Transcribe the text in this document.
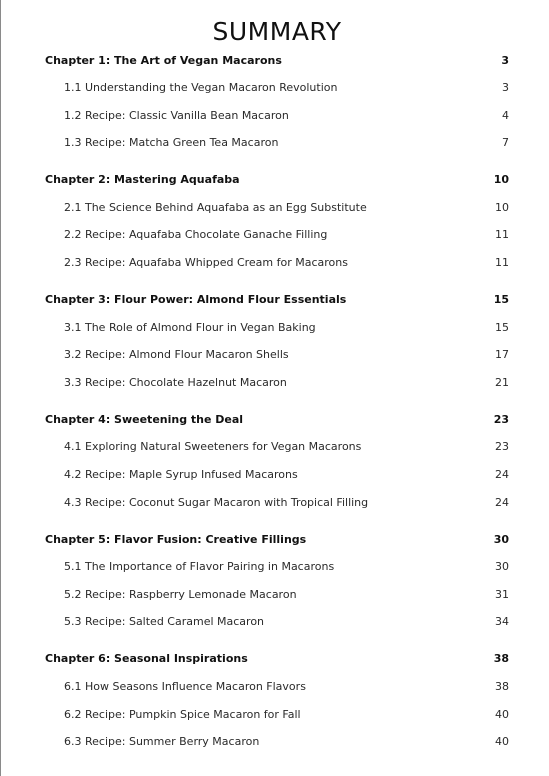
SUMMARY
Chapter 1: The Art of Vegan Macarons	3
1.1 Understanding the Vegan Macaron Revolution	3
1.2 Recipe: Classic Vanilla Bean Macaron	4
1.3 Recipe: Matcha Green Tea Macaron	7
Chapter 2: Mastering Aquafaba	10
2.1 The Science Behind Aquafaba as an Egg Substitute	10
2.2 Recipe: Aquafaba Chocolate Ganache Filling	11
2.3 Recipe: Aquafaba Whipped Cream for Macarons	11
Chapter 3: Flour Power: Almond Flour Essentials	15
3.1 The Role of Almond Flour in Vegan Baking	15
3.2 Recipe: Almond Flour Macaron Shells	17
3.3 Recipe: Chocolate Hazelnut Macaron	21
Chapter 4: Sweetening the Deal	23
4.1 Exploring Natural Sweeteners for Vegan Macarons	23
4.2 Recipe: Maple Syrup Infused Macarons	24
4.3 Recipe: Coconut Sugar Macaron with Tropical Filling	24
Chapter 5: Flavor Fusion: Creative Fillings	30
5.1 The Importance of Flavor Pairing in Macarons	30
5.2 Recipe: Raspberry Lemonade Macaron	31
5.3 Recipe: Salted Caramel Macaron	34
Chapter 6: Seasonal Inspirations	38
6.1 How Seasons Influence Macaron Flavors	38
6.2 Recipe: Pumpkin Spice Macaron for Fall	40
6.3 Recipe: Summer Berry Macaron	40
